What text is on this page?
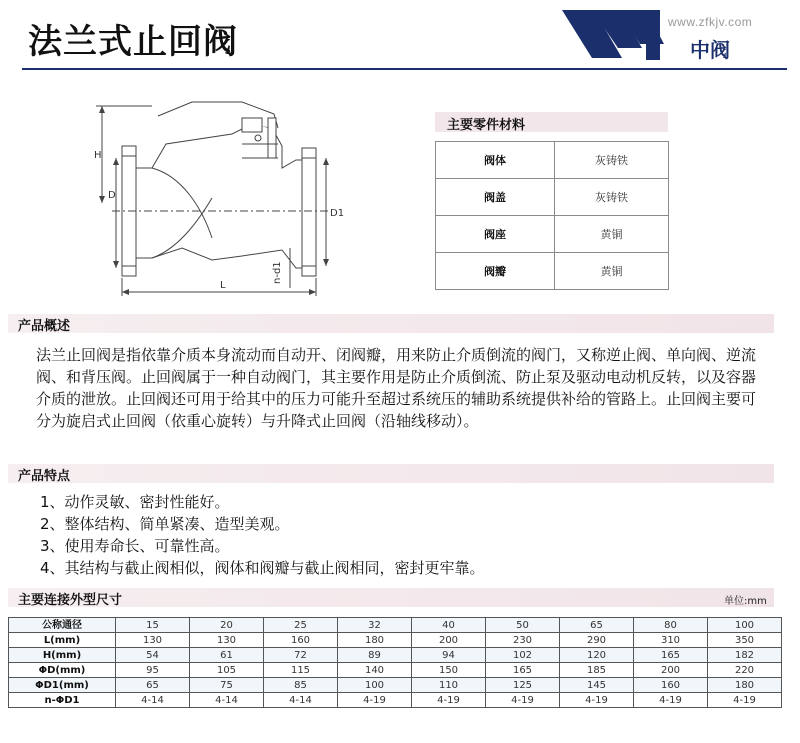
法兰式止回阀	www.zfkjv.com
中阀
H
D
D1
L
n-d1
主要零件材料
阀体	灰铸铁
阀盖	灰铸铁
阀座	黄铜
阀瓣	黄铜
产品概述
法兰止回阀是指依靠介质本身流动而自动开、闭阀瓣，用来防止介质倒流的阀门，又称逆止阀、单向阀、逆流阀、和背压阀。止回阀属于一种自动阀门，其主要作用是防止介质倒流、防止泵及驱动电动机反转，以及容器介质的泄放。止回阀还可用于给其中的压力可能升至超过系统压的辅助系统提供补给的管路上。止回阀主要可分为旋启式止回阀（依重心旋转）与升降式止回阀（沿轴线移动）。
产品特点
1、动作灵敏、密封性能好。
2、整体结构、简单紧凑、造型美观。
3、使用寿命长、可靠性高。
4、其结构与截止阀相似，阀体和阀瓣与截止阀相同，密封更牢靠。
主要连接外型尺寸	单位:mm
公称通径	15	20	25	32	40	50	65	80	100
L(mm)	130	130	160	180	200	230	290	310	350
H(mm)	54	61	72	89	94	102	120	165	182
ΦD(mm)	95	105	115	140	150	165	185	200	220
ΦD1(mm)	65	75	85	100	110	125	145	160	180
n-ΦD1	4-14	4-14	4-14	4-19	4-19	4-19	4-19	4-19	4-19
